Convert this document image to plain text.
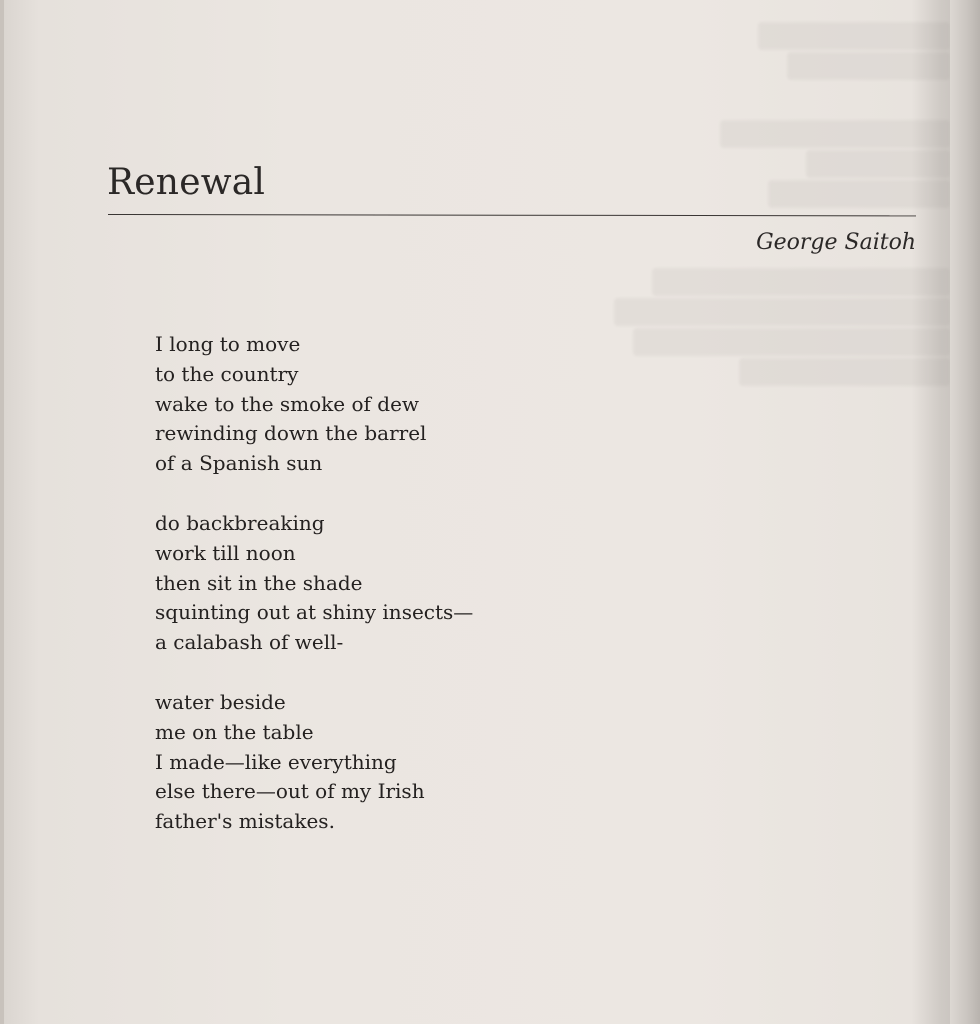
Renewal
George Saitoh
I long to move
to the country
wake to the smoke of dew
rewinding down the barrel
of a Spanish sun
do backbreaking
work till noon
then sit in the shade
squinting out at shiny insects—
a calabash of well-
water beside
me on the table
I made—like everything
else there—out of my Irish
father's mistakes.
